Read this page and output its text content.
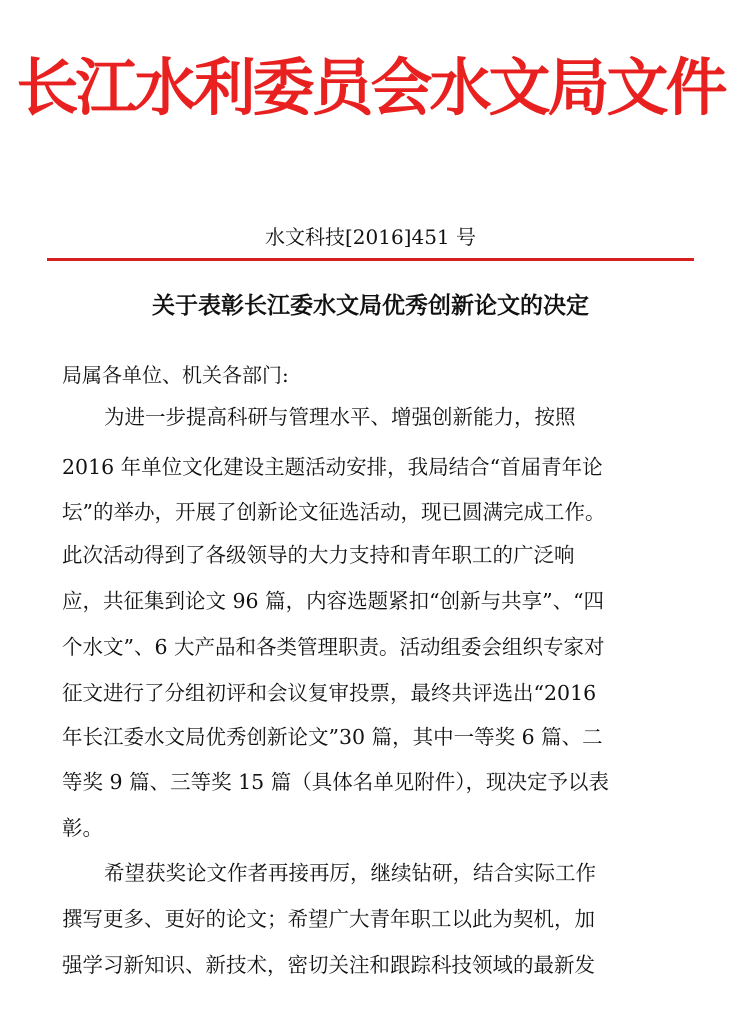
长江水利委员会水文局文件
水文科技[2016]451 号
关于表彰长江委水文局优秀创新论文的决定
局属各单位、机关各部门:
为进一步提高科研与管理水平、增强创新能力，按照
2016 年单位文化建设主题活动安排，我局结合“首届青年论
坛”的举办，开展了创新论文征选活动，现已圆满完成工作。
此次活动得到了各级领导的大力支持和青年职工的广泛响
应，共征集到论文 96 篇，内容选题紧扣“创新与共享”、“四
个水文”、6 大产品和各类管理职责。活动组委会组织专家对
征文进行了分组初评和会议复审投票，最终共评选出“2016
年长江委水文局优秀创新论文”30 篇，其中一等奖 6 篇、二
等奖 9 篇、三等奖 15 篇（具体名单见附件），现决定予以表
彰。
希望获奖论文作者再接再厉，继续钻研，结合实际工作
撰写更多、更好的论文；希望广大青年职工以此为契机，加
强学习新知识、新技术，密切关注和跟踪科技领域的最新发
